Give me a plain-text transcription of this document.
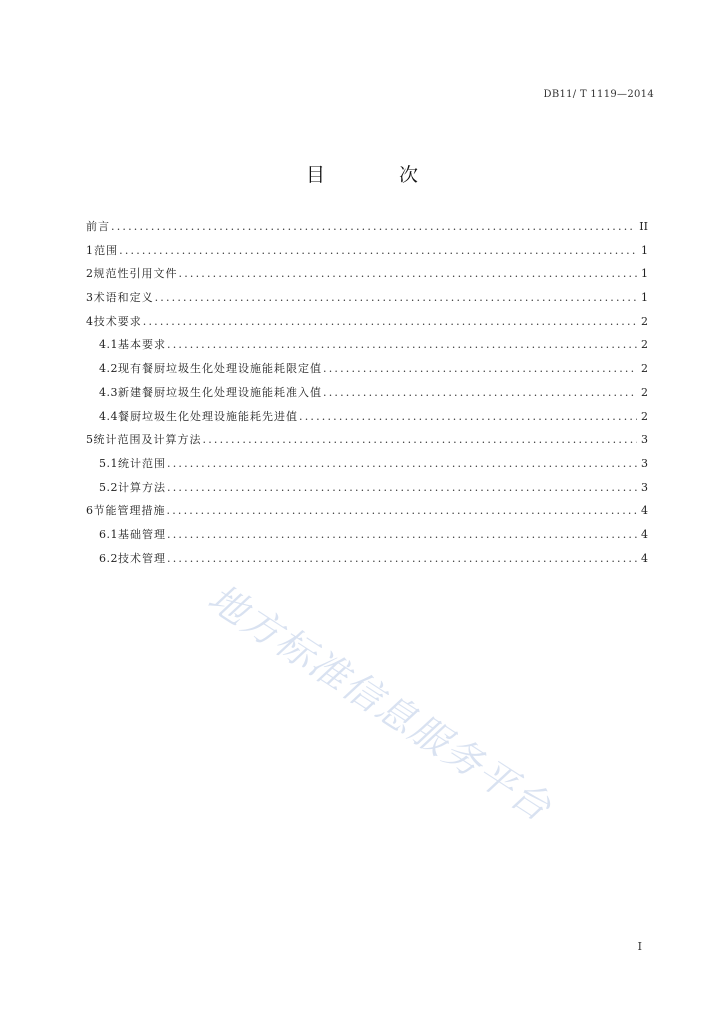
DB11/ T 1119—2014
目 次
前言 .....	II
1 范围 .....	1
2 规范性引用文件 .....	1
3 术语和定义 .....	1
4 技术要求 .....	2
4.1 基本要求 .....	2
4.2 现有餐厨垃圾生化处理设施能耗限定值 .....	2
4.3 新建餐厨垃圾生化处理设施能耗准入值 .....	2
4.4 餐厨垃圾生化处理设施能耗先进值 .....	2
5 统计范围及计算方法 .....	3
5.1 统计范围 .....	3
5.2 计算方法 .....	3
6 节能管理措施 .....	4
6.1 基础管理 .....	4
6.2 技术管理 .....	4
地方标准信息服务平台
I
